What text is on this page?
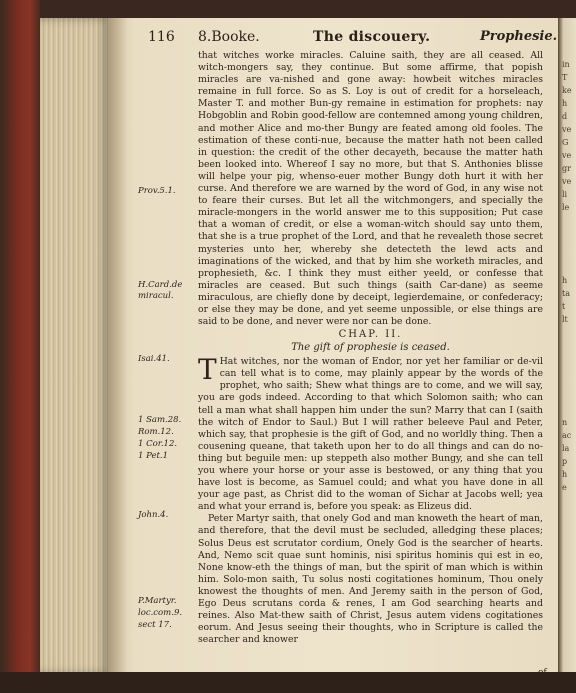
116 8.Booke.	The discouery.	Prophesie.
Prov.5.1.
H.Card.de
miracul.
Isai.41.
1 Sam.28.
Rom.12.
1 Cor.12.
1 Pet.1
John.4.
P.Martyr.
loc.com.9.
sect 17.

that witches worke miracles. Caluine saith, they are all ceased. All witch-mongers say, they continue. But some affirme, that popish miracles are va-nished and gone away: howbeit witches miracles remaine in full force. So as S. Loy is out of credit for a horseleach, Master T. and mother Bun-gy remaine in estimation for prophets: nay Hobgoblin and Robin good-fellow are contemned among young children, and mother Alice and mo-ther Bungy are feated among old fooles. The estimation of these conti-nue, because the matter hath not been called in question: the credit of the other decayeth, because the matter hath been looked into. Whereof I say no more, but that S. Anthonies blisse will helpe your pig, whenso-euer mother Bungy doth hurt it with her curse. And therefore we are warned by the word of God, in any wise not to feare their curses. But let all the witchmongers, and specially the miracle-mongers in the world answer me to this supposition; Put case that a woman of credit, or else a woman-witch should say unto them, that she is a true prophet of the Lord, and that he revealeth those secret mysteries unto her, whereby she detecteth the lewd acts and imaginations of the wicked, and that by him she worketh miracles, and prophesieth, &c. I think they must either yeeld, or confesse that miracles are ceased. But such things (saith Car-dane) as seeme miraculous, are chiefly done by deceipt, legierdemaine, or confederacy; or else they may be done, and yet seeme unpossible, or else things are said to be done, and never were nor can be done.

CHAP. II.
The gift of prophesie is ceased.
T Hat witches, nor the woman of Endor, nor yet her familiar or de-vil can tell what is to come, may plainly appear by the words of the prophet, who saith; Shew what things are to come, and we will say, you are gods indeed. According to that which Solomon saith; who can tell a man what shall happen him under the sun? Marry that can I (saith the witch of Endor to Saul.) But I will rather beleeve Paul and Peter, which say, that prophesie is the gift of God, and no worldly thing. Then a cousening queane, that taketh upon her to do all things and can do no-thing but beguile men: up steppeth also mother Bungy, and she can tell you where your horse or your asse is bestowed, or any thing that you have lost is become, as Samuel could; and what you have done in all your age past, as Christ did to the woman of Sichar at Jacobs well; yea and what your errand is, before you speak: as Elizeus did.

Peter Martyr saith, that onely God and man knoweth the heart of man, and therefore, that the devil must be secluded, alledging these places; Solus Deus est scrutator cordium, Onely God is the searcher of hearts. And, Nemo scit quae sunt hominis, nisi spiritus hominis qui est in eo, None know-eth the things of man, but the spirit of man which is within him. Solo-mon saith, Tu solus nosti cogitationes hominum, Thou onely knowest the thoughts of men. And Jeremy saith in the person of God, Ego Deus scrutans corda & renes, I am God searching hearts and reines. Also Mat-thew saith of Christ, Jesus autem videns cogitationes eorum. And Jesus seeing their thoughts, who in Scripture is called the searcher and knower

in
T
ke
h
d
ve
G
ve
gr
ve
li
le
h
ta
t
lt
n
ac
la
p
h
e
